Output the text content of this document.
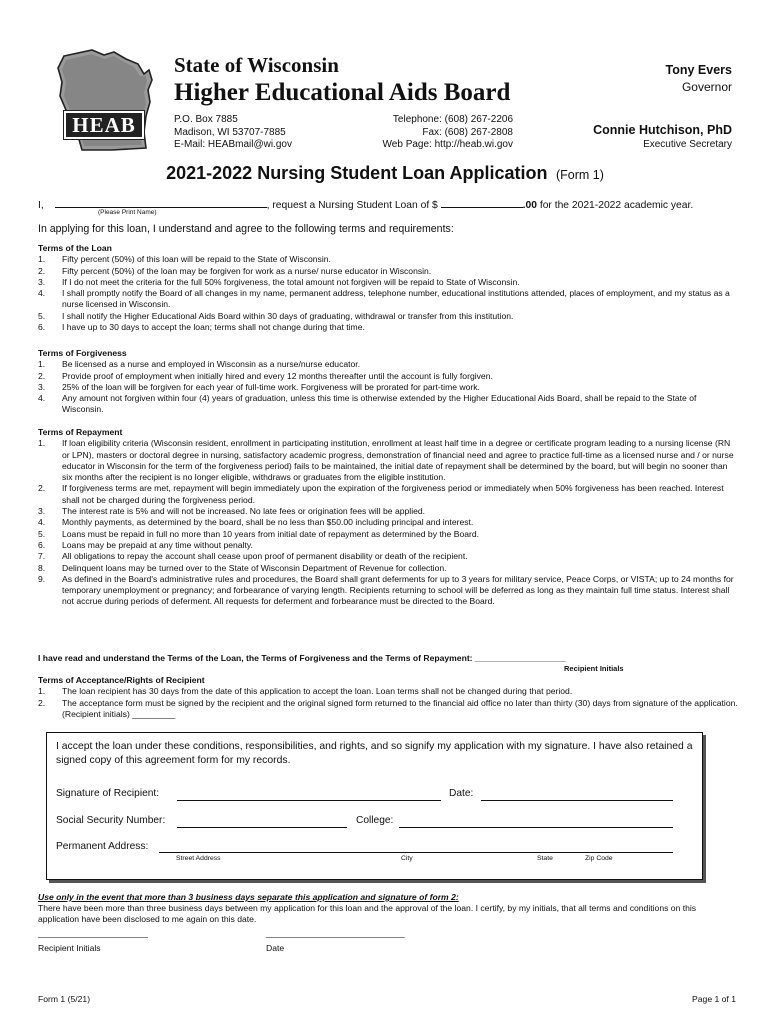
HEAB
State of Wisconsin
Higher Educational Aids Board
P.O. Box 7885
Madison, WI 53707-7885
E-Mail: HEABmail@wi.gov
Telephone: (608) 267-2206
Fax: (608) 267-2808
Web Page: http://heab.wi.gov
Tony Evers
Governor
Connie Hutchison, PhD
Executive Secretary
2021-2022 Nursing Student Loan Application (Form 1)
I,	, request a Nursing Student Loan of $	.00 for the 2021-2022 academic year.
(Please Print Name)
In applying for this loan, I understand and agree to the following terms and requirements:
Terms of the Loan
1. Fifty percent (50%) of this loan will be repaid to the State of Wisconsin.
2. Fifty percent (50%) of the loan may be forgiven for work as a nurse/ nurse educator in Wisconsin.
3. If I do not meet the criteria for the full 50% forgiveness, the total amount not forgiven will be repaid to State of Wisconsin.
4. I shall promptly notify the Board of all changes in my name, permanent address, telephone number, educational institutions attended, places of employment, and my status as a nurse licensed in Wisconsin.
5. I shall notify the Higher Educational Aids Board within 30 days of graduating, withdrawal or transfer from this institution.
6. I have up to 30 days to accept the loan; terms shall not change during that time.
Terms of Forgiveness
1. Be licensed as a nurse and employed in Wisconsin as a nurse/nurse educator.
2. Provide proof of employment when initially hired and every 12 months thereafter until the account is fully forgiven.
3. 25% of the loan will be forgiven for each year of full-time work. Forgiveness will be prorated for part-time work.
4. Any amount not forgiven within four (4) years of graduation, unless this time is otherwise extended by the Higher Educational Aids Board, shall be repaid to the State of Wisconsin.
Terms of Repayment
1. If loan eligibility criteria (Wisconsin resident, enrollment in participating institution, enrollment at least half time in a degree or certificate program leading to a nursing license (RN or LPN), masters or doctoral degree in nursing, satisfactory academic progress, demonstration of financial need and agree to practice full-time as a licensed nurse and / or nurse educator in Wisconsin for the term of the forgiveness period) fails to be maintained, the initial date of repayment shall be determined by the board, but will begin no sooner than six months after the recipient is no longer eligible, withdraws or graduates from the eligible institution.
2. If forgiveness terms are met, repayment will begin immediately upon the expiration of the forgiveness period or immediately when 50% forgiveness has been reached. Interest shall not be charged during the forgiveness period.
3. The interest rate is 5% and will not be increased. No late fees or origination fees will be applied.
4. Monthly payments, as determined by the board, shall be no less than $50.00 including principal and interest.
5. Loans must be repaid in full no more than 10 years from initial date of repayment as determined by the Board.
6. Loans may be prepaid at any time without penalty.
7. All obligations to repay the account shall cease upon proof of permanent disability or death of the recipient.
8. Delinquent loans may be turned over to the State of Wisconsin Department of Revenue for collection.
9. As defined in the Board's administrative rules and procedures, the Board shall grant deferments for up to 3 years for military service, Peace Corps, or VISTA; up to 24 months for temporary unemployment or pregnancy; and forbearance of varying length. Recipients returning to school will be deferred as long as they maintain full time status. Interest shall not accrue during periods of deferment. All requests for deferment and forbearance must be directed to the Board.
I have read and understand the Terms of the Loan, the Terms of Forgiveness and the Terms of Repayment: ___________________
Recipient Initials
Terms of Acceptance/Rights of Recipient
1. The loan recipient has 30 days from the date of this application to accept the loan. Loan terms shall not be changed during that period.
2. The acceptance form must be signed by the recipient and the original signed form returned to the financial aid office no later than thirty (30) days from signature of the application. (Recipient initials) _________
I accept the loan under these conditions, responsibilities, and rights, and so signify my application with my signature. I have also retained a signed copy of this agreement form for my records.
Signature of Recipient:	Date:
Social Security Number:	College:
Permanent Address:
Street Address	City	State	Zip Code
Use only in the event that more than 3 business days separate this application and signature of form 2:
There have been more than three business days between my application for this loan and the approval of the loan. I certify, by my initials, that all terms and conditions on this application have been disclosed to me again on this date.
_______________________	_____________________________
Recipient Initials	Date
Form 1 (5/21)	Page 1 of 1
